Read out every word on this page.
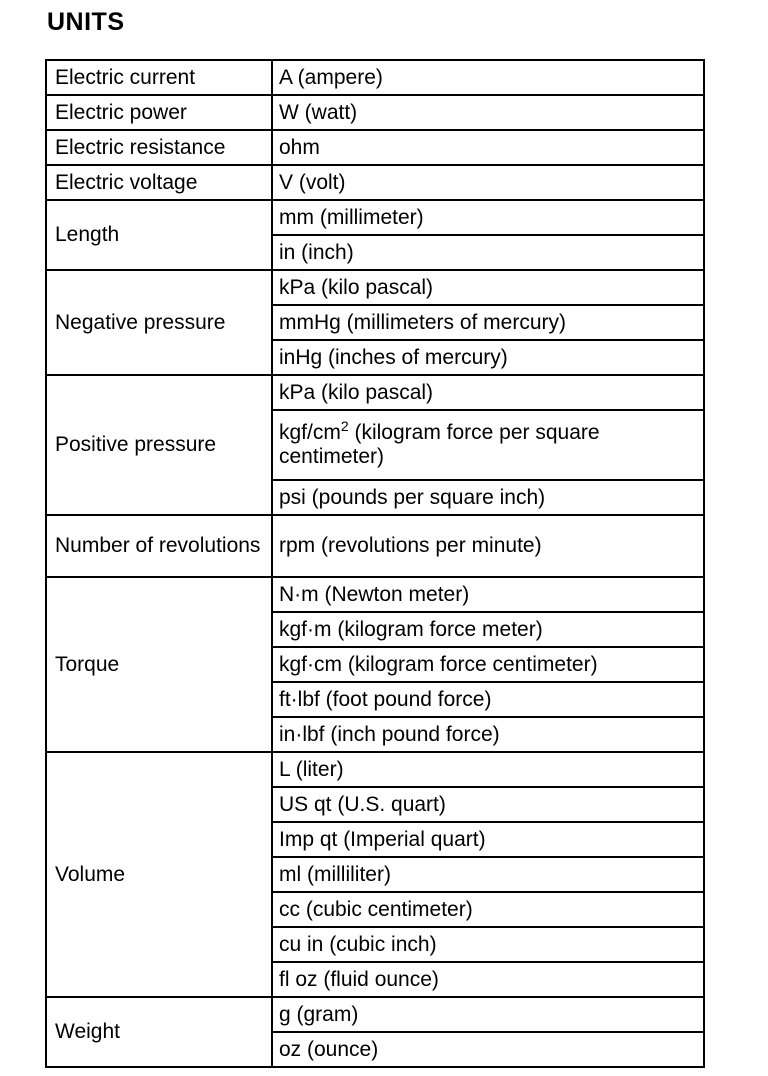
UNITS
Electric current	A (ampere)
Electric power	W (watt)
Electric resistance	ohm
Electric voltage	V (volt)
Length	mm (millimeter)
	in (inch)
Negative pressure	kPa (kilo pascal)
	mmHg (millimeters of mercury)
	inHg (inches of mercury)
Positive pressure	kPa (kilo pascal)
	kgf/$cm^2$ (kilogram force per square centimeter)
	psi (pounds per square inch)
Number of revolutions	rpm (revolutions per minute)
Torque	N·m (Newton meter)
	kgf·m (kilogram force meter)
	kgf·cm (kilogram force centimeter)
	ft·lbf (foot pound force)
	in·lbf (inch pound force)
Volume	L (liter)
	US qt (U.S. quart)
	Imp qt (Imperial quart)
	ml (milliliter)
	cc (cubic centimeter)
	cu in (cubic inch)
	fl oz (fluid ounce)
Weight	g (gram)
	oz (ounce)
